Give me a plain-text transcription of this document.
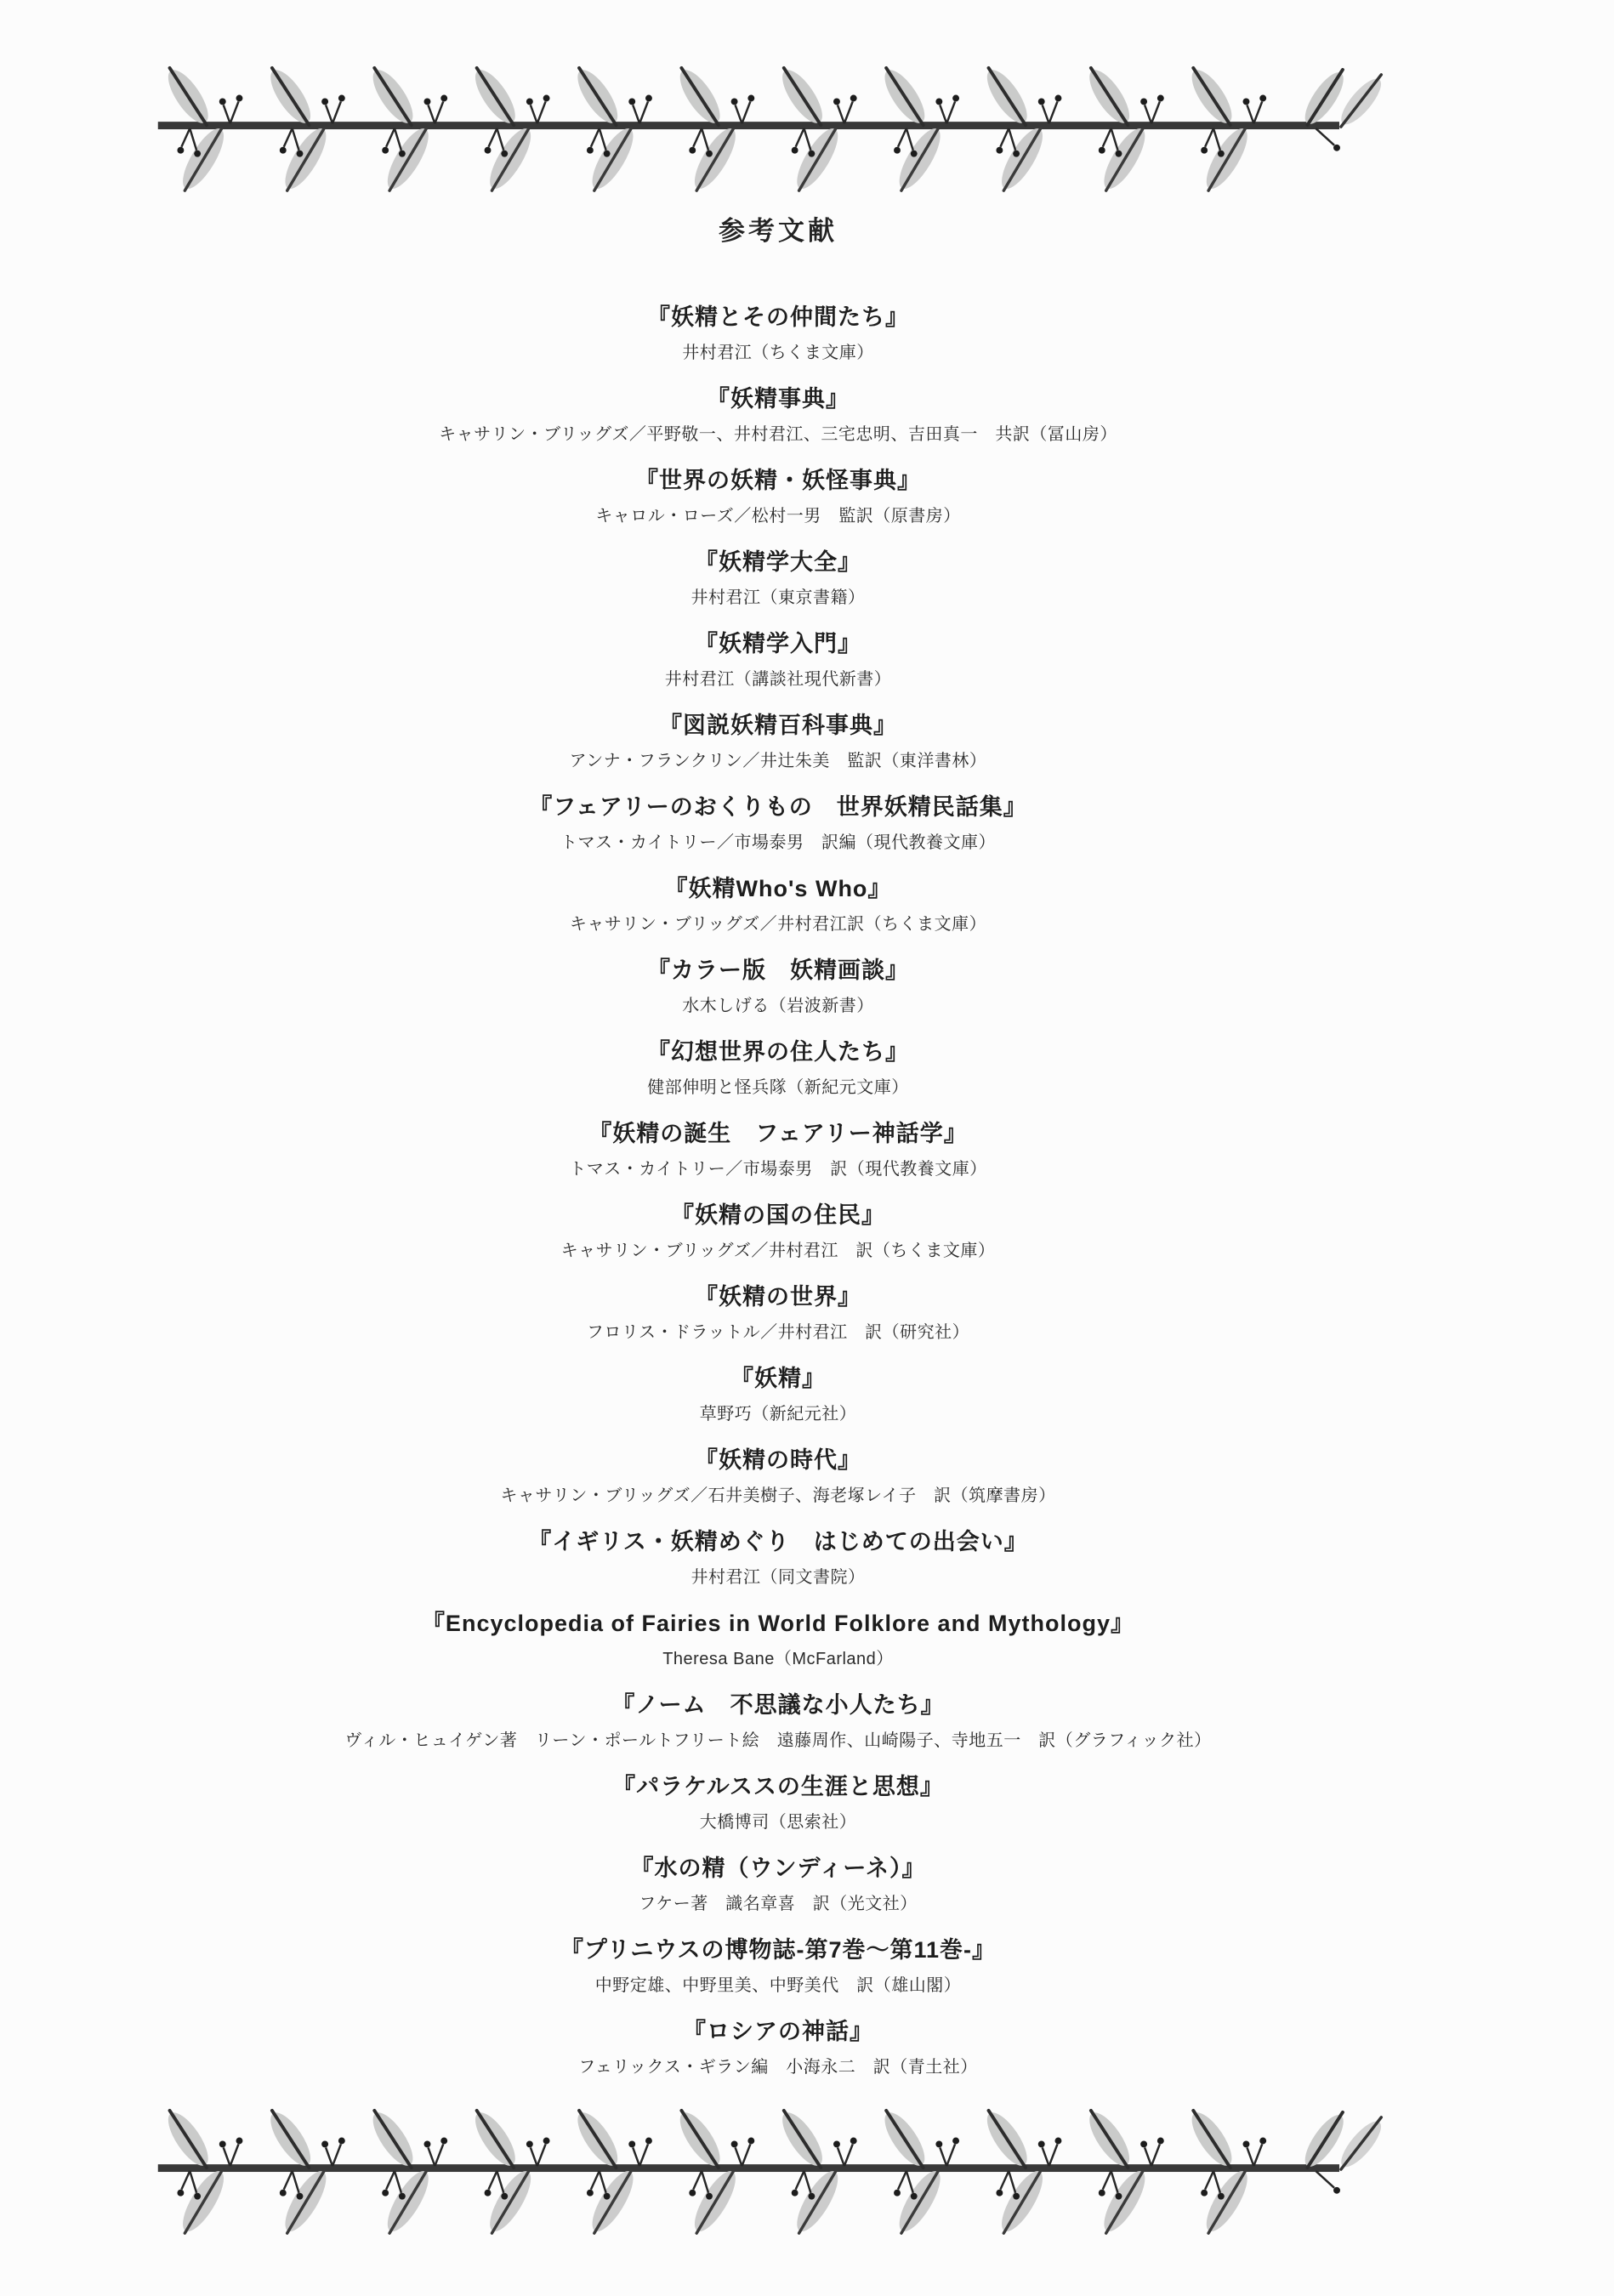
参考文献
『妖精とその仲間たち』
井村君江（ちくま文庫）
『妖精事典』
キャサリン・ブリッグズ／平野敬一、井村君江、三宅忠明、吉田真一　共訳（冨山房）
『世界の妖精・妖怪事典』
キャロル・ローズ／松村一男　監訳（原書房）
『妖精学大全』
井村君江（東京書籍）
『妖精学入門』
井村君江（講談社現代新書）
『図説妖精百科事典』
アンナ・フランクリン／井辻朱美　監訳（東洋書林）
『フェアリーのおくりもの　世界妖精民話集』
トマス・カイトリー／市場泰男　訳編（現代教養文庫）
『妖精Who's Who』
キャサリン・ブリッグズ／井村君江訳（ちくま文庫）
『カラー版　妖精画談』
水木しげる（岩波新書）
『幻想世界の住人たち』
健部伸明と怪兵隊（新紀元文庫）
『妖精の誕生　フェアリー神話学』
トマス・カイトリー／市場泰男　訳（現代教養文庫）
『妖精の国の住民』
キャサリン・ブリッグズ／井村君江　訳（ちくま文庫）
『妖精の世界』
フロリス・ドラットル／井村君江　訳（研究社）
『妖精』
草野巧（新紀元社）
『妖精の時代』
キャサリン・ブリッグズ／石井美樹子、海老塚レイ子　訳（筑摩書房）
『イギリス・妖精めぐり　はじめての出会い』
井村君江（同文書院）
『Encyclopedia of Fairies in World Folklore and Mythology』
Theresa Bane（McFarland）
『ノーム　不思議な小人たち』
ヴィル・ヒュイゲン著　リーン・ポールトフリート絵　遠藤周作、山崎陽子、寺地五一　訳（グラフィック社）
『パラケルススの生涯と思想』
大橋博司（思索社）
『水の精（ウンディーネ）』
フケー著　識名章喜　訳（光文社）
『プリニウスの博物誌-第7巻～第11巻-』
中野定雄、中野里美、中野美代　訳（雄山閣）
『ロシアの神話』
フェリックス・ギラン編　小海永二　訳（青土社）
